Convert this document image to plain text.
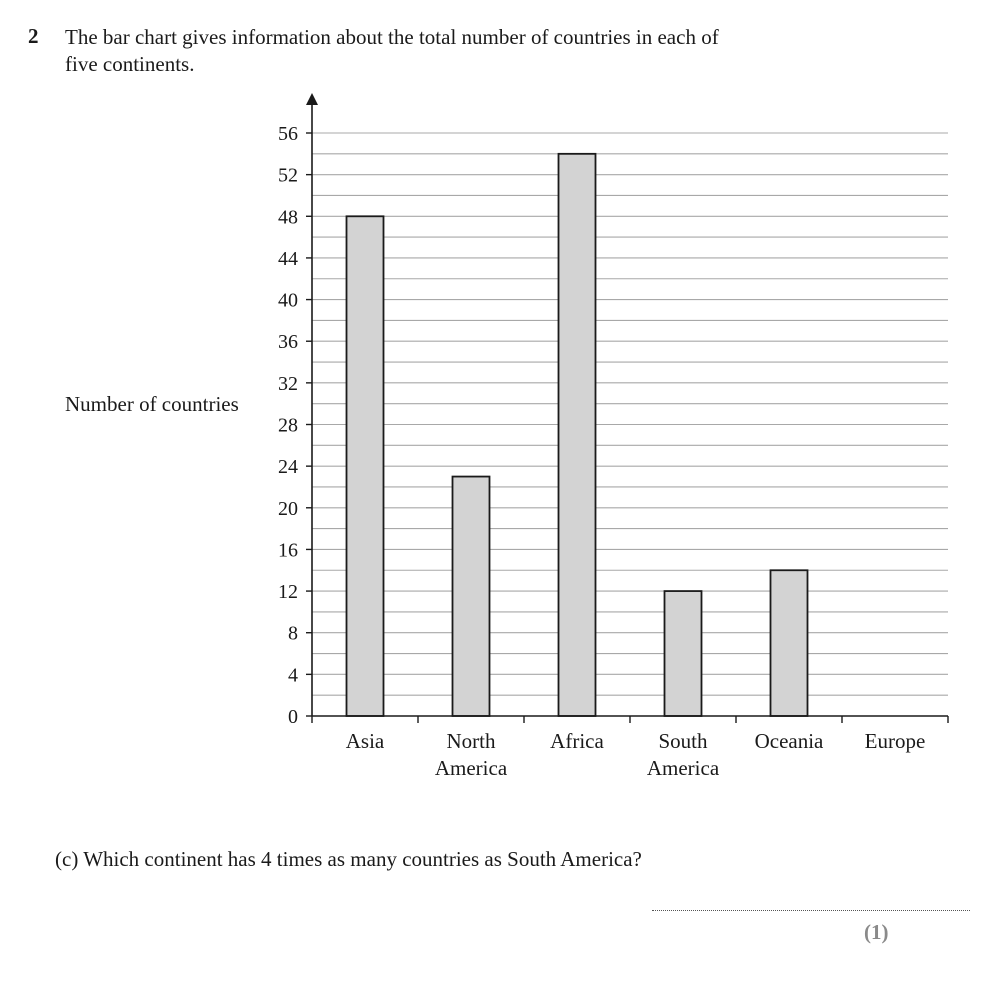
2 The bar chart gives information about the total number of countries in each of
five continents.
Number of countries
0
4
8
12
16
20
24
28
32
36
40
44
48
52
56
Asia	North
America
Africa	South
America
Oceania Europe
(c) Which continent has 4 times as many countries as South America?
(1)
